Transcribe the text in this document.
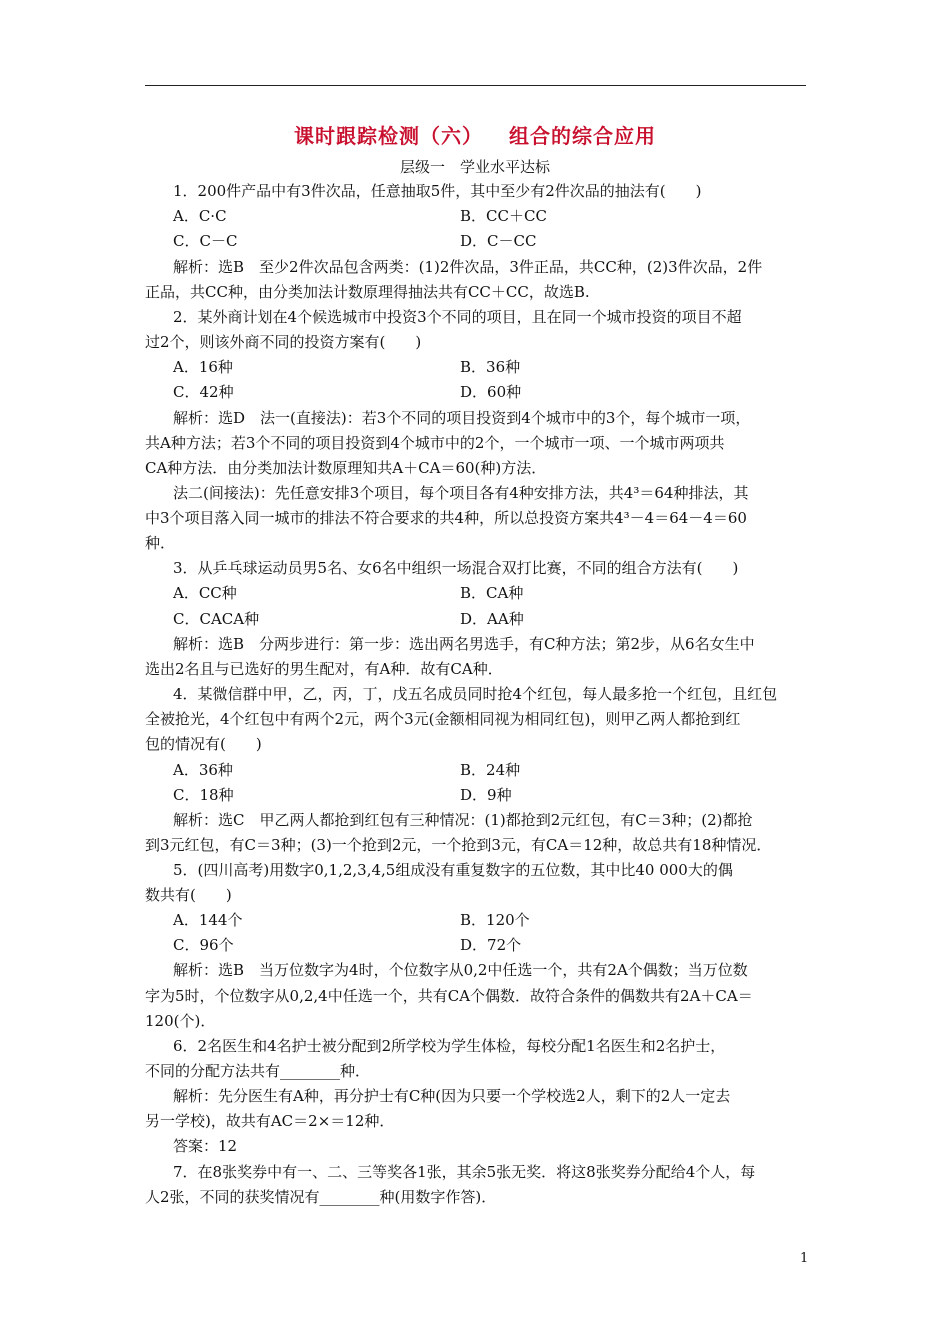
课时跟踪检测（六） 组合的综合应用
层级一　学业水平达标
1．200件产品中有3件次品，任意抽取5件，其中至少有2件次品的抽法有(　　)
A．C·C	B．CC＋CC
C．C－C	D．C－CC
解析：选B　至少2件次品包含两类：(1)2件次品，3件正品，共CC种，(2)3件次品，2件
正品，共CC种，由分类加法计数原理得抽法共有CC＋CC，故选B.
2．某外商计划在4个候选城市中投资3个不同的项目，且在同一个城市投资的项目不超
过2个，则该外商不同的投资方案有(　　)
A．16种	B．36种
C．42种	D．60种
解析：选D　法一(直接法)：若3个不同的项目投资到4个城市中的3个，每个城市一项，
共A种方法；若3个不同的项目投资到4个城市中的2个，一个城市一项、一个城市两项共
CA种方法．由分类加法计数原理知共A＋CA＝60(种)方法．
法二(间接法)：先任意安排3个项目，每个项目各有4种安排方法，共4³＝64种排法，其
中3个项目落入同一城市的排法不符合要求的共4种，所以总投资方案共4³－4＝64－4＝60
种．
3．从乒乓球运动员男5名、女6名中组织一场混合双打比赛，不同的组合方法有(　　)
A．CC种	B．CA种
C．CACA种	D．AA种
解析：选B　分两步进行：第一步：选出两名男选手，有C种方法；第2步，从6名女生中
选出2名且与已选好的男生配对，有A种．故有CA种．
4．某微信群中甲，乙，丙，丁，戊五名成员同时抢4个红包，每人最多抢一个红包，且红包
全被抢光，4个红包中有两个2元，两个3元(金额相同视为相同红包)，则甲乙两人都抢到红
包的情况有(　　)
A．36种	B．24种
C．18种	D．9种
解析：选C　甲乙两人都抢到红包有三种情况：(1)都抢到2元红包，有C＝3种；(2)都抢
到3元红包，有C＝3种；(3)一个抢到2元，一个抢到3元，有CA＝12种，故总共有18种情况．
5．(四川高考)用数字0,1,2,3,4,5组成没有重复数字的五位数，其中比40 000大的偶
数共有(　　)
A．144个	B．120个
C．96个	D．72个
解析：选B　当万位数字为4时，个位数字从0,2中任选一个，共有2A个偶数；当万位数
字为5时，个位数字从0,2,4中任选一个，共有CA个偶数．故符合条件的偶数共有2A＋CA＝
120(个)．
6．2名医生和4名护士被分配到2所学校为学生体检，每校分配1名医生和2名护士，
不同的分配方法共有________种．
解析：先分医生有A种，再分护士有C种(因为只要一个学校选2人，剩下的2人一定去
另一学校)，故共有AC＝2×＝12种．
答案：12
7．在8张奖券中有一、二、三等奖各1张，其余5张无奖．将这8张奖券分配给4个人，每
人2张，不同的获奖情况有________种(用数字作答)．
1
